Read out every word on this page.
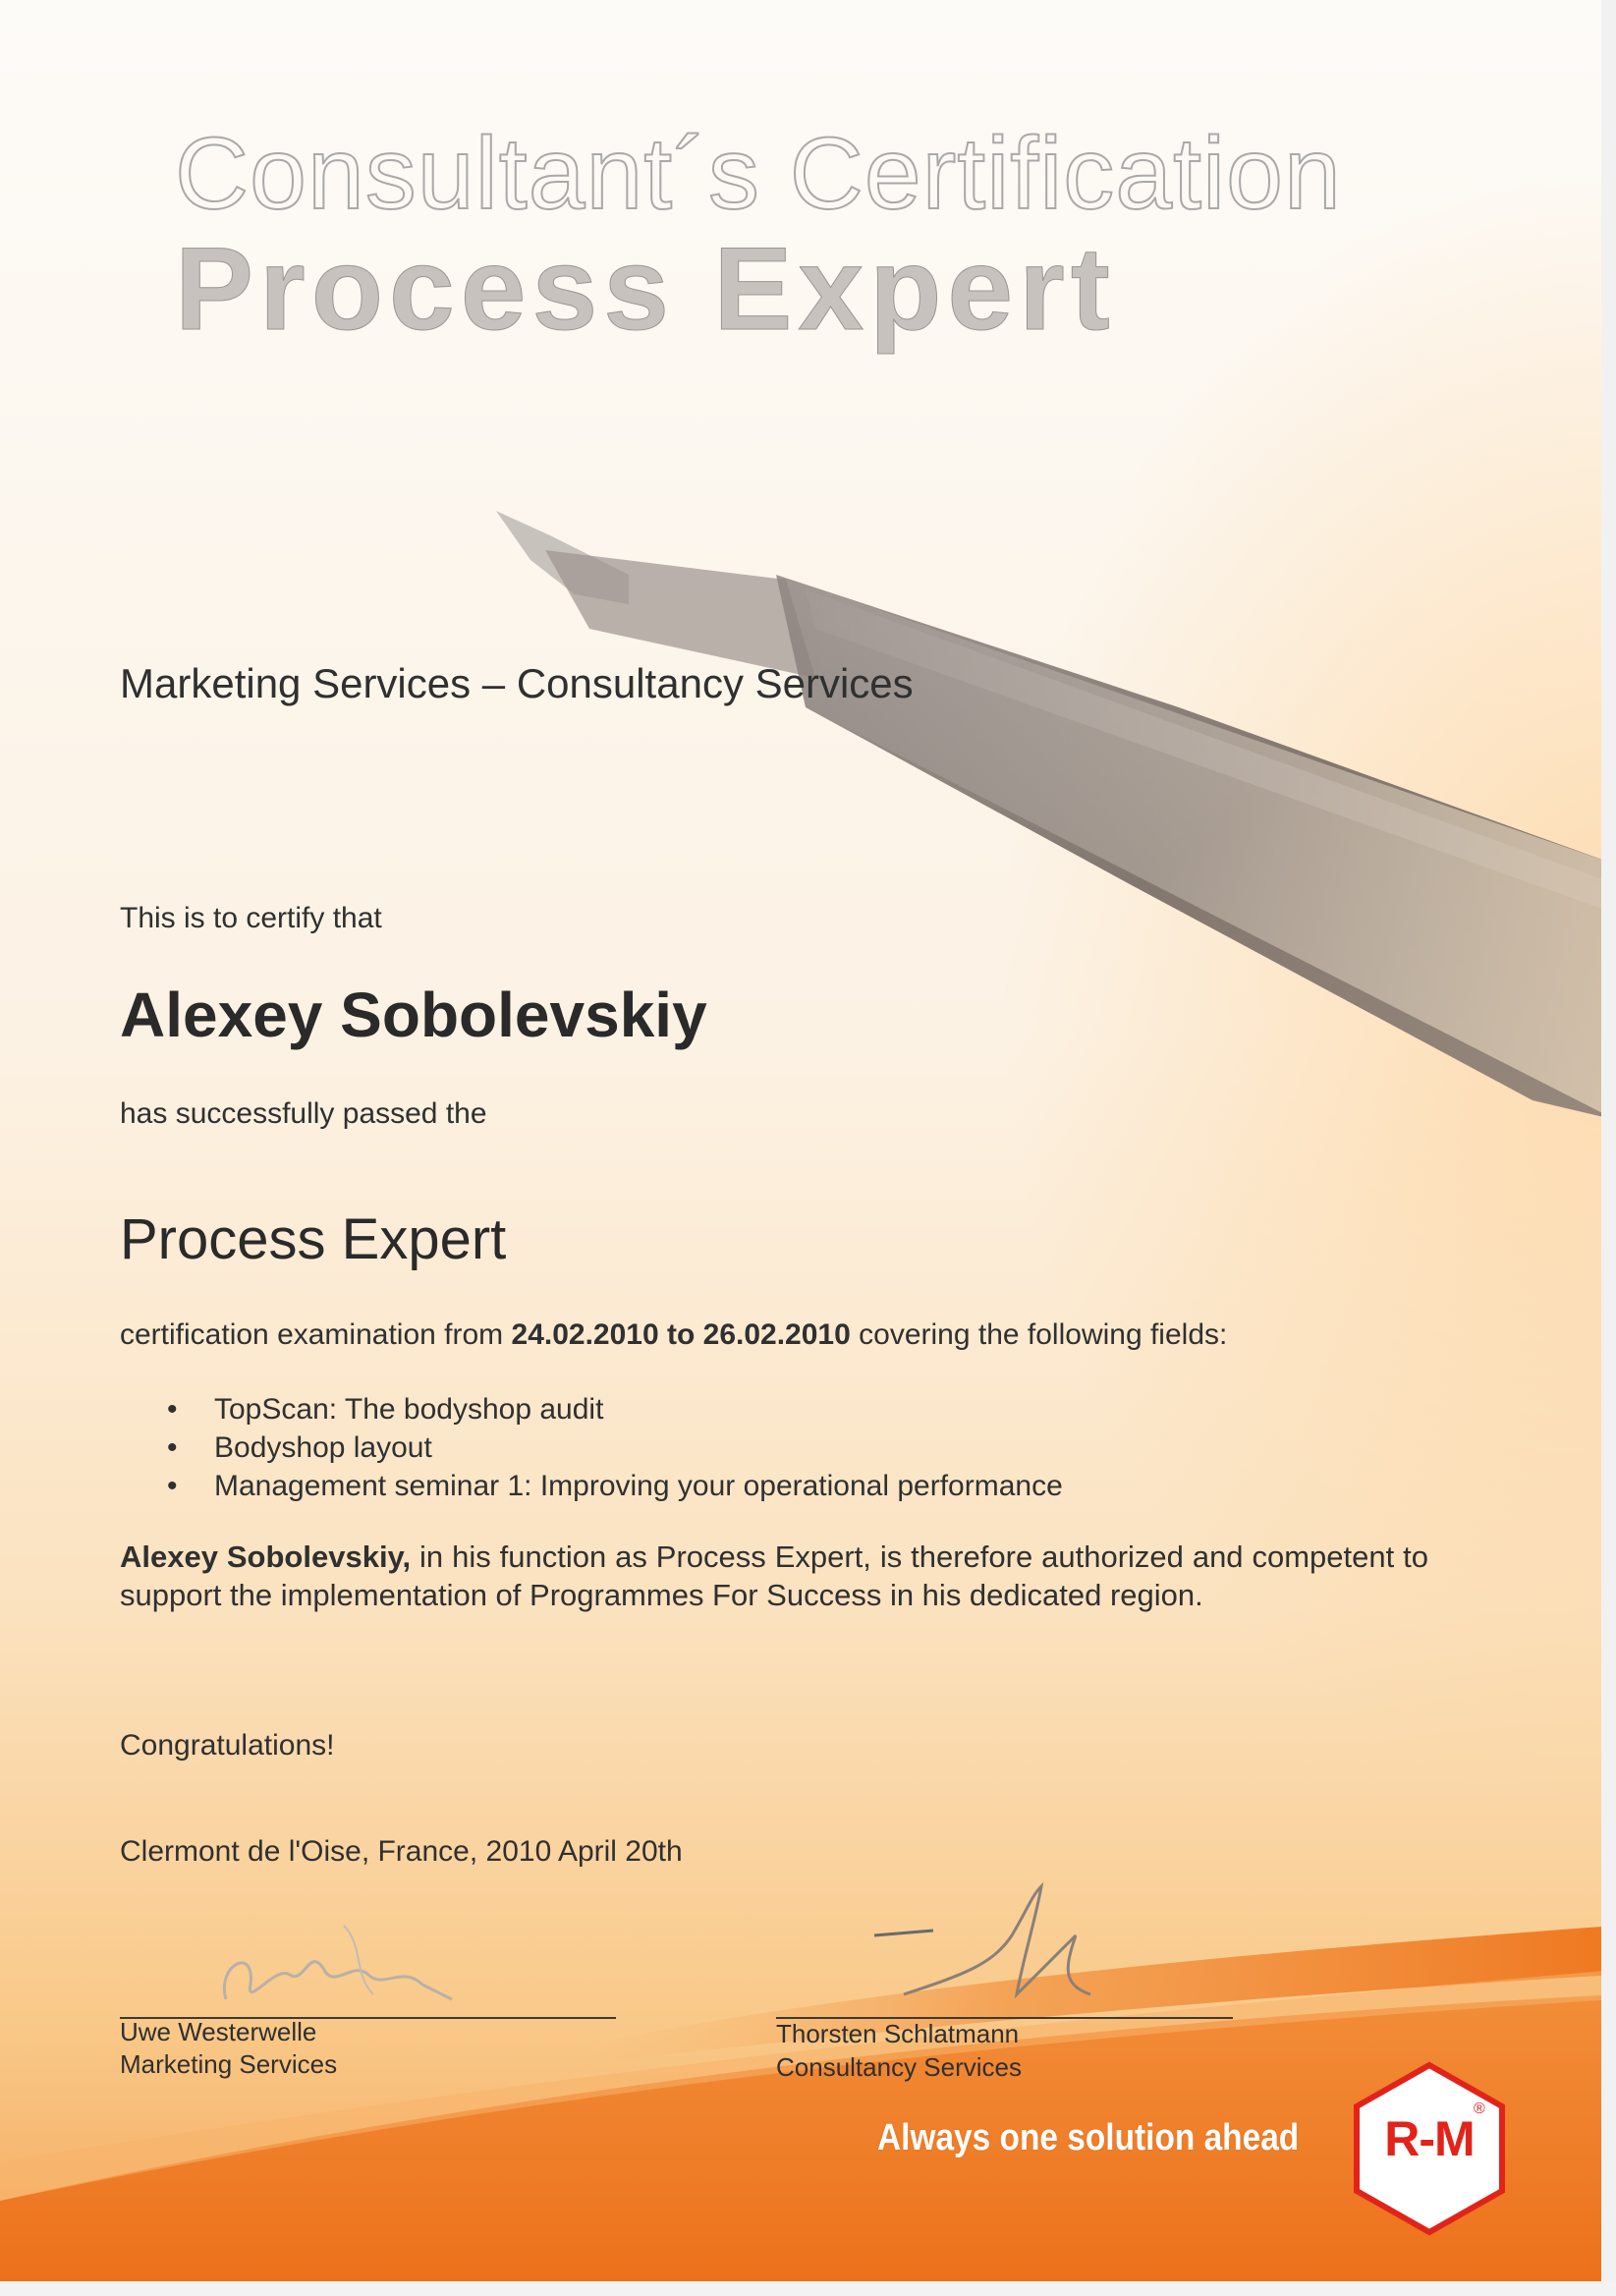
Consultant´s Certification
Process Expert
Marketing Services – Consultancy Services
This is to certify that
Alexey Sobolevskiy
has successfully passed the
Process Expert
certification examination from 24.02.2010 to 26.02.2010 covering the following fields:
• TopScan: The bodyshop audit
• Bodyshop layout
• Management seminar 1: Improving your operational performance
Alexey Sobolevskiy, in his function as Process Expert, is therefore authorized and competent to support the implementation of Programmes For Success in his dedicated region.
Congratulations!
Clermont de l'Oise, France, 2010 April 20th
Uwe Westerwelle
Marketing Services
Thorsten Schlatmann
Consultancy Services
Always one solution ahead	R-M
®
